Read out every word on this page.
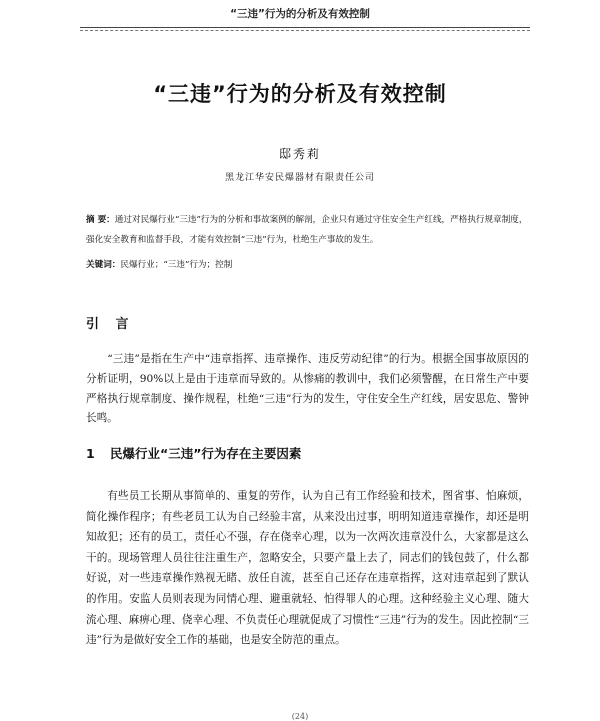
“三违”行为的分析及有效控制
“三违”行为的分析及有效控制
邸秀莉
黑龙江华安民爆器材有限责任公司
摘 要：通过对民爆行业“三违”行为的分析和事故案例的解剖，企业只有通过守住安全生产红线，严格执行规章制度，强化安全教育和监督手段，才能有效控制“三违”行为，杜绝生产事故的发生。
关键词：民爆行业；“三违”行为；控制
引 言
“三违”是指在生产中“违章指挥、违章操作、违反劳动纪律”的行为。根据全国事故原因的分析证明，90%以上是由于违章而导致的。从惨痛的教训中，我们必须警醒，在日常生产中要严格执行规章制度、操作规程，杜绝“三违”行为的发生，守住安全生产红线，居安思危、警钟长鸣。
1 民爆行业“三违”行为存在主要因素
有些员工长期从事简单的、重复的劳作，认为自己有工作经验和技术，图省事、怕麻烦，简化操作程序；有些老员工认为自己经验丰富，从来没出过事，明明知道违章操作，却还是明知故犯；还有的员工，责任心不强，存在侥幸心理，以为一次两次违章没什么，大家都是这么干的。现场管理人员往往注重生产，忽略安全，只要产量上去了，同志们的钱包鼓了，什么都好说，对一些违章操作熟视无睹、放任自流，甚至自己还存在违章指挥，这对违章起到了默认的作用。安监人员则表现为同情心理、避重就轻、怕得罪人的心理。这种经验主义心理、随大流心理、麻痹心理、侥幸心理、不负责任心理就促成了习惯性“三违”行为的发生。因此控制“三违”行为是做好安全工作的基础，也是安全防范的重点。
(24)
